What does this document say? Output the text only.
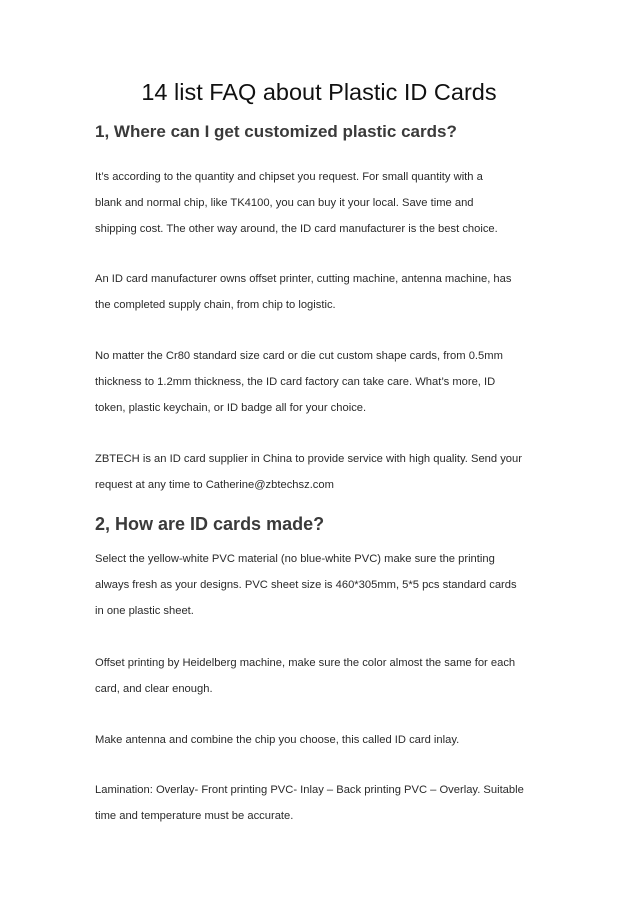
14 list FAQ about Plastic ID Cards
1, Where can I get customized plastic cards?
It’s according to the quantity and chipset you request. For small quantity with a
blank and normal chip, like TK4100, you can buy it your local. Save time and
shipping cost. The other way around, the ID card manufacturer is the best choice.
An ID card manufacturer owns offset printer, cutting machine, antenna machine, has
the completed supply chain, from chip to logistic.
No matter the Cr80 standard size card or die cut custom shape cards, from 0.5mm
thickness to 1.2mm thickness, the ID card factory can take care. What’s more, ID
token, plastic keychain, or ID badge all for your choice.
ZBTECH is an ID card supplier in China to provide service with high quality. Send your
request at any time to Catherine@zbtechsz.com
2, How are ID cards made?
Select the yellow-white PVC material (no blue-white PVC) make sure the printing
always fresh as your designs. PVC sheet size is 460*305mm, 5*5 pcs standard cards
in one plastic sheet.
Offset printing by Heidelberg machine, make sure the color almost the same for each
card, and clear enough.
Make antenna and combine the chip you choose, this called ID card inlay.
Lamination: Overlay- Front printing PVC- Inlay – Back printing PVC – Overlay. Suitable
time and temperature must be accurate.
